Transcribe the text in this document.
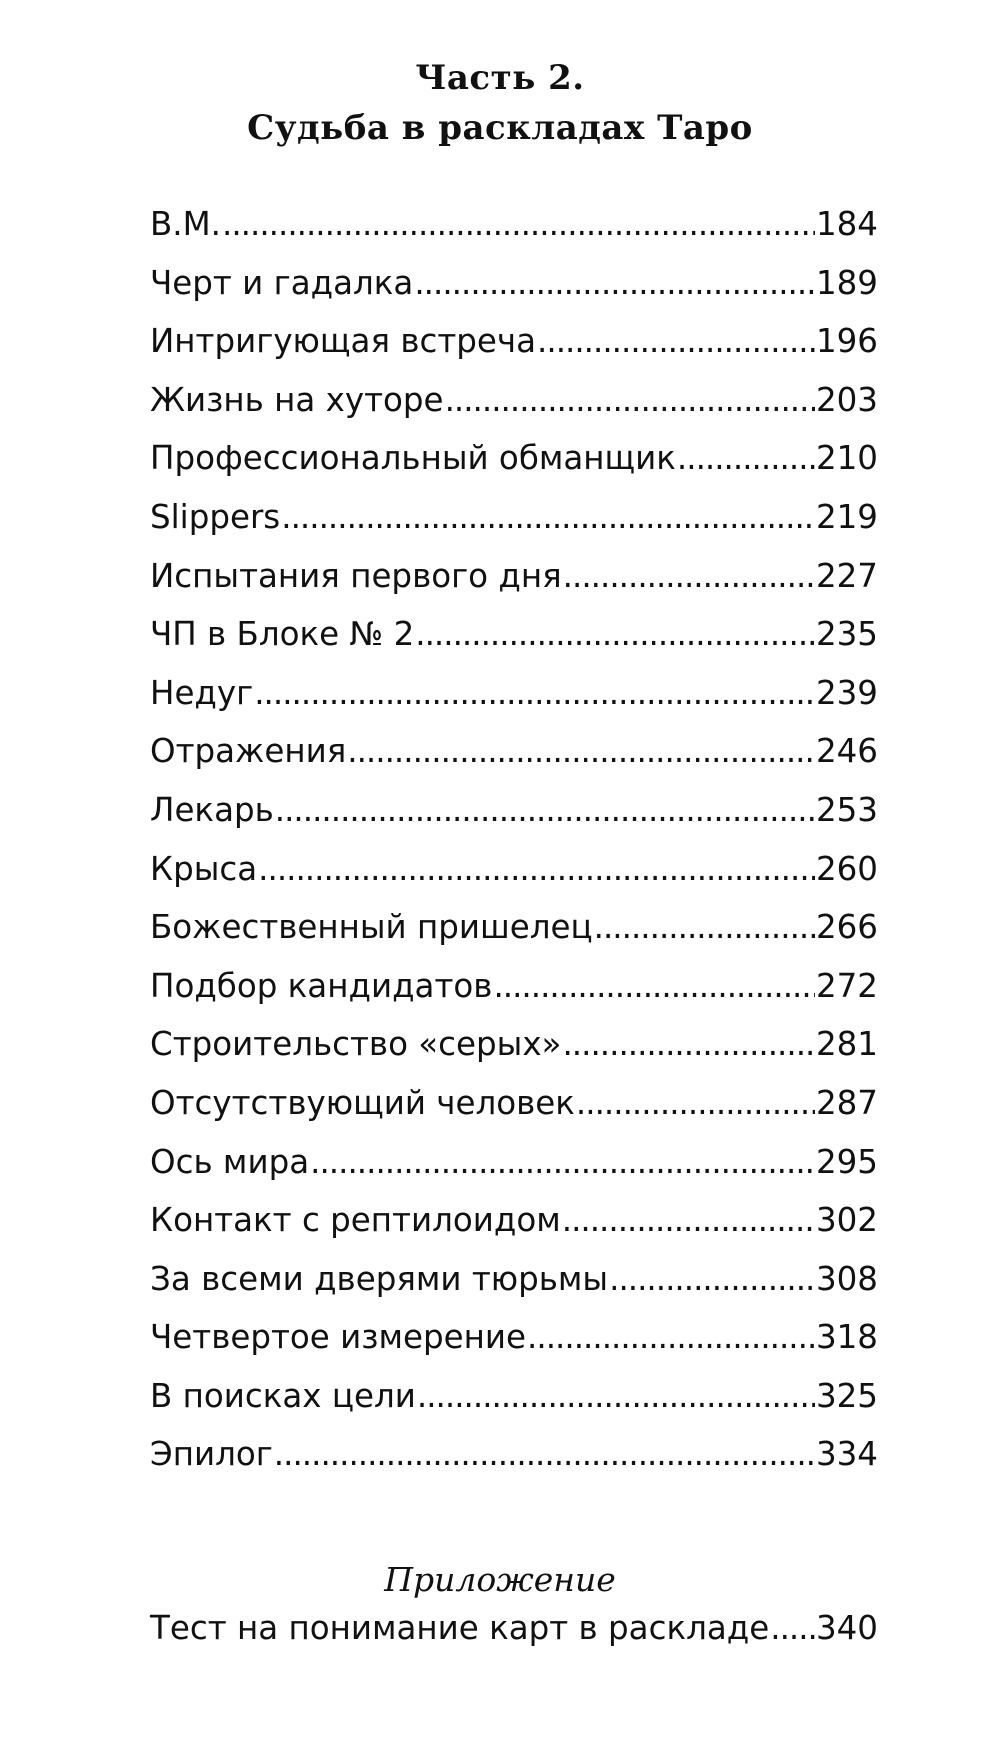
Часть 2.
Судьба в раскладах Таро
В.М. .....	184
Черт и гадалка .....	189
Интригующая встреча .....	196
Жизнь на хуторе .....	203
Профессиональный обманщик .....	210
Slippers .....	219
Испытания первого дня .....	227
ЧП в Блоке № 2 .....	235
Недуг .....	239
Отражения .....	246
Лекарь .....	253
Крыса .....	260
Божественный пришелец .....	266
Подбор кандидатов .....	272
Строительство «серых» .....	281
Отсутствующий человек .....	287
Ось мира .....	295
Контакт с рептилоидом .....	302
За всеми дверями тюрьмы .....	308
Четвертое измерение .....	318
В поисках цели .....	325
Эпилог .....	334
Приложение
Тест на понимание карт в раскладе ..... 340
